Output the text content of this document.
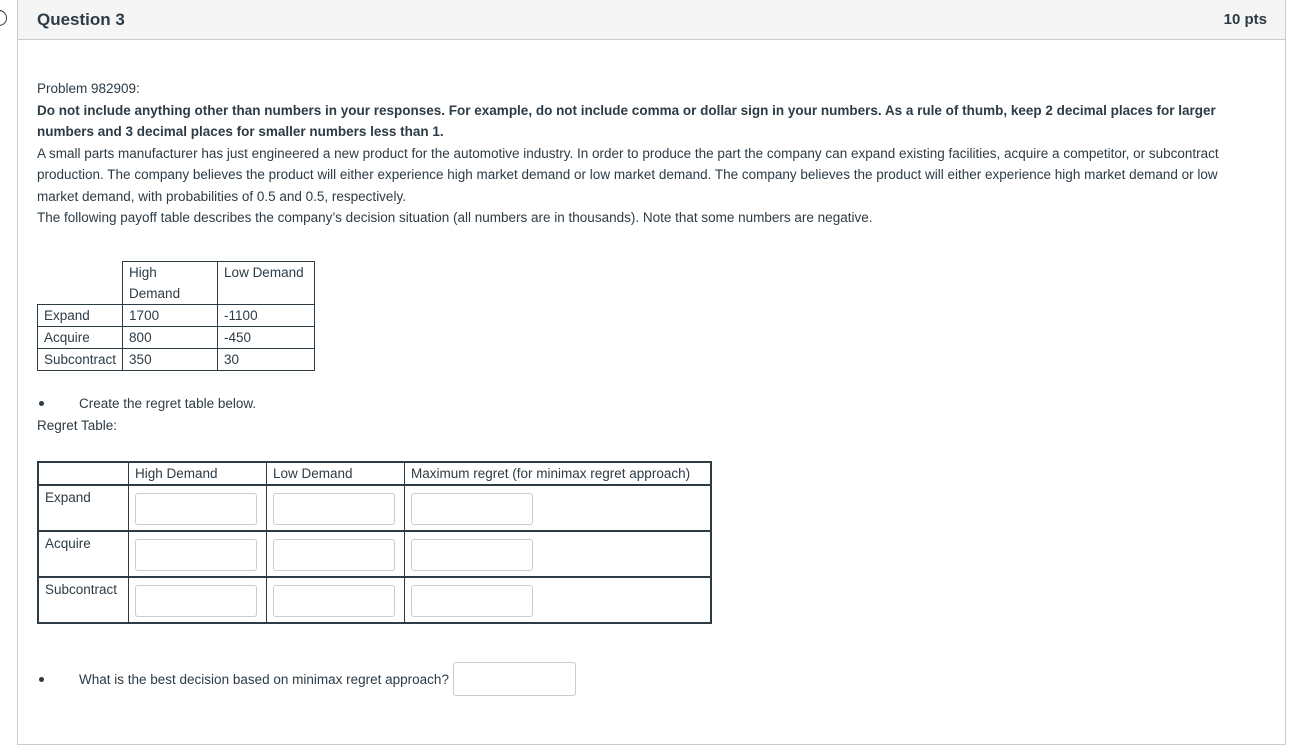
Question 3	10 pts

Problem 982909:

Do not include anything other than numbers in your responses. For example, do not include comma or dollar sign in your numbers. As a rule of thumb, keep 2 decimal places for larger numbers and 3 decimal places for smaller numbers less than 1.

A small parts manufacturer has just engineered a new product for the automotive industry. In order to produce the part the company can expand existing facilities, acquire a competitor, or subcontract production. The company believes the product will either experience high market demand or low market demand. The company believes the product will either experience high market demand or low market demand, with probabilities of 0.5 and 0.5, respectively.

The following payoff table describes the company’s decision situation (all numbers are in thousands). Note that some numbers are negative.

	High Demand	Low Demand
Expand	1700	-1100
Acquire	800	-450
Subcontract	350	30
Create the regret table below.
Regret Table:
	High Demand	Low Demand	Maximum regret (for minimax regret approach)
Expand	

Acquire	

Subcontract	

What is the best decision based on minimax regret approach?
